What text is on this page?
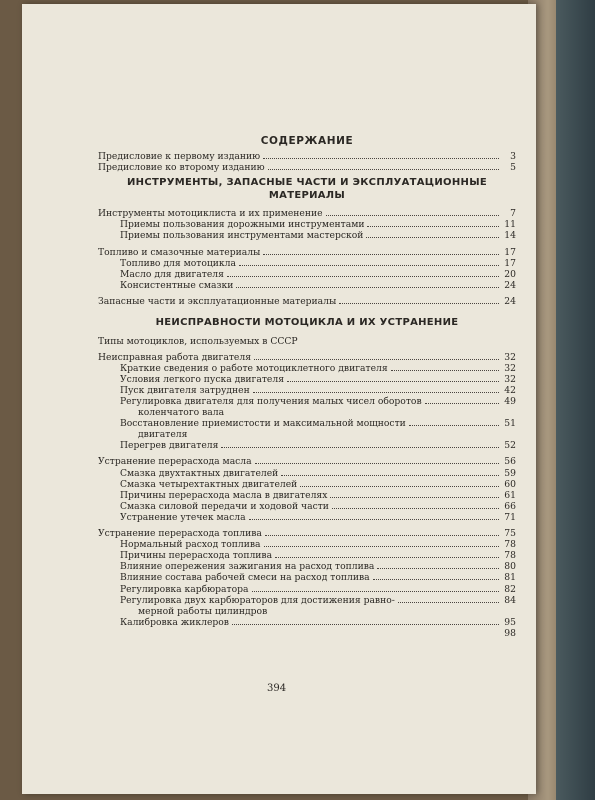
СОДЕРЖАНИЕ
Предисловие к первому изданию	3
Предисловие ко второму изданию	5
ИНСТРУМЕНТЫ, ЗАПАСНЫЕ ЧАСТИ И ЭКСПЛУАТАЦИОННЫЕ МАТЕРИАЛЫ
Инструменты мотоциклиста и их применение	7
Приемы пользования дорожными инструментами	11
Приемы пользования инструментами мастерской	14
Топливо и смазочные материалы	17
Топливо для мотоцикла	17
Масло для двигателя	20
Консистентные смазки	24
Запасные части и эксплуатационные материалы	24
НЕИСПРАВНОСТИ МОТОЦИКЛА И ИХ УСТРАНЕНИЕ
Типы мотоциклов, используемых в СССР
Неисправная работа двигателя	32
Краткие сведения о работе мотоциклетного двигателя	32
Условия легкого пуска двигателя	32
Пуск двигателя затруднен	42
Регулировка двигателя для получения малых чисел оборотов	49
коленчатого вала
Восстановление приемистости и максимальной мощности	51
двигателя
Перегрев двигателя	52
Устранение перерасхода масла	56
Смазка двухтактных двигателей	59
Смазка четырехтактных двигателей	60
Причины перерасхода масла в двигателях	61
Смазка силовой передачи и ходовой части	66
Устранение утечек масла	71
Устранение перерасхода топлива	75
Нормальный расход топлива	78
Причины перерасхода топлива	78
Влияние опережения зажигания на расход топлива	80
Влияние состава рабочей смеси на расход топлива	81
Регулировка карбюратора	82
Регулировка двух карбюраторов для достижения равно-	84
мерной работы цилиндров
Калибровка жиклеров	95
98
394
